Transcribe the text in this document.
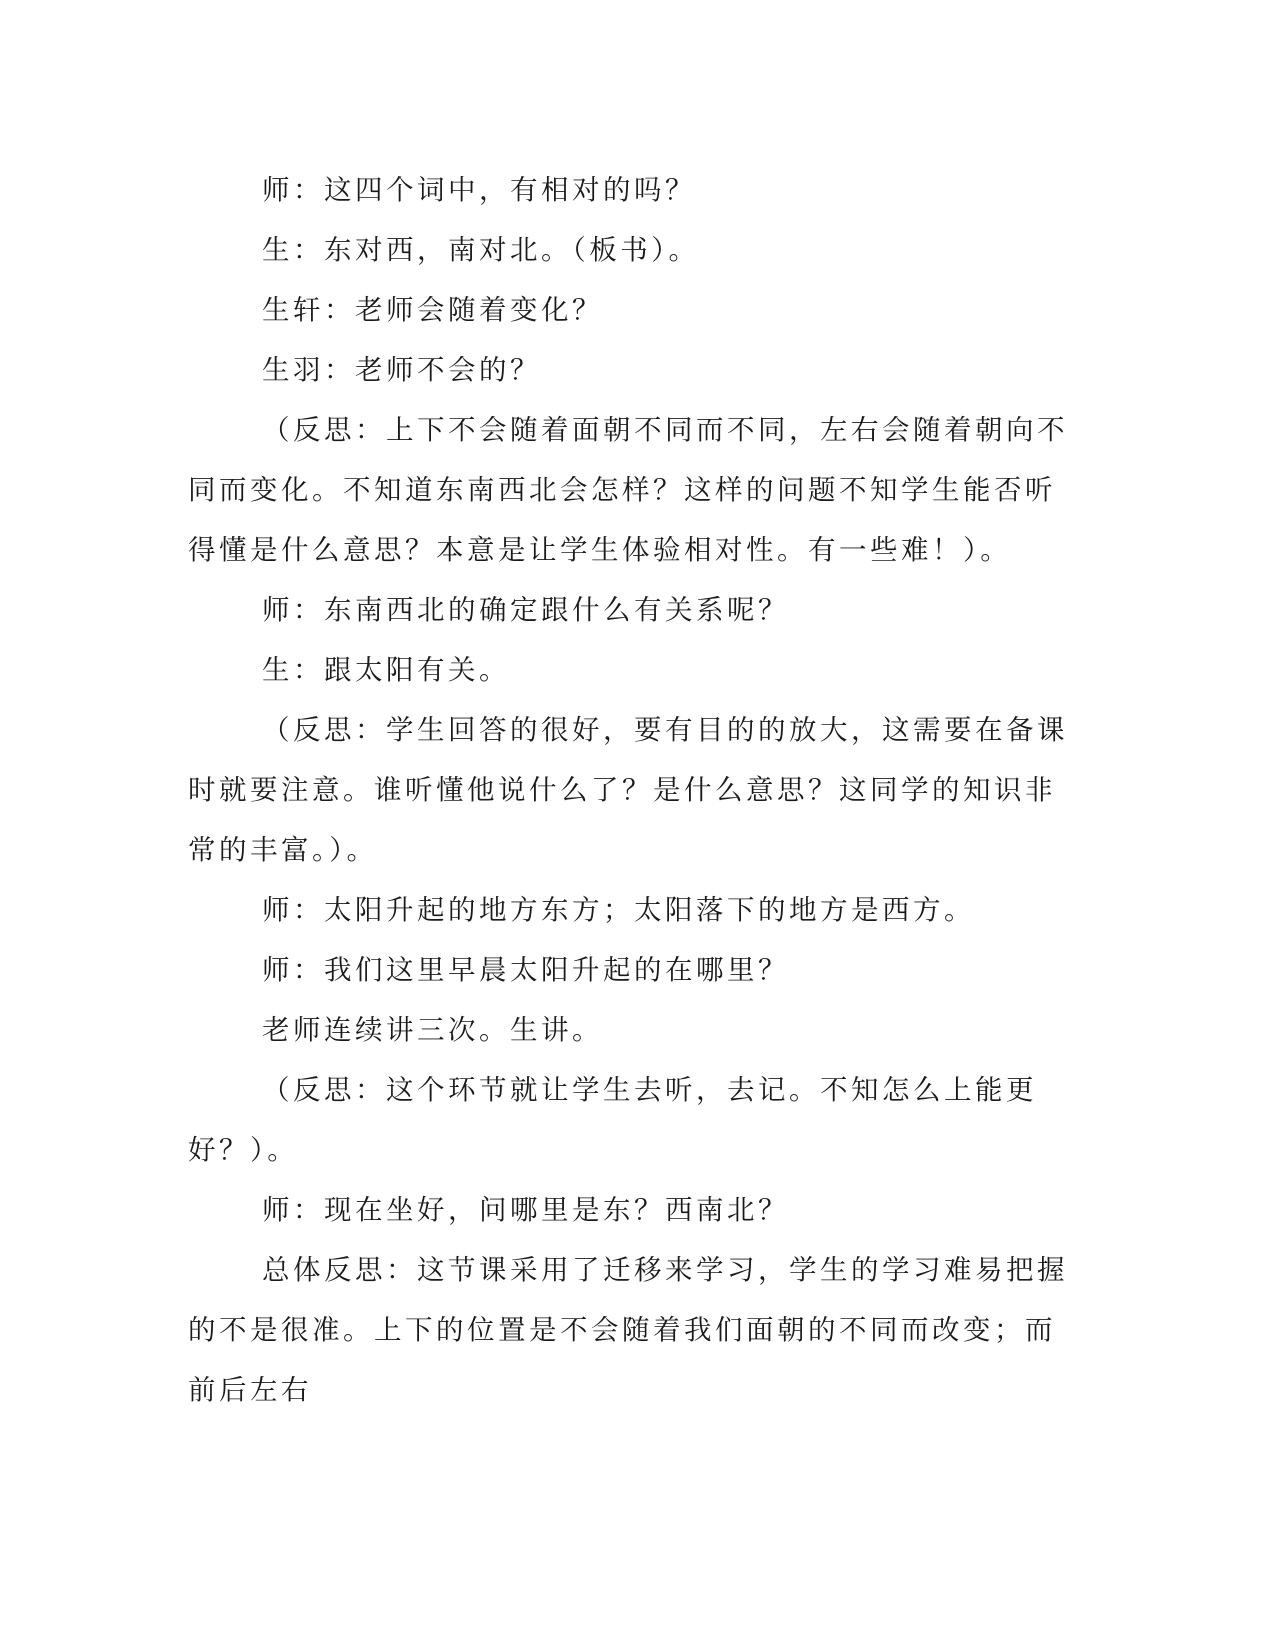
师：这四个词中，有相对的吗？

生：东对西，南对北。（板书）。

生轩：老师会随着变化？

生羽：老师不会的？

（反思：上下不会随着面朝不同而不同，左右会随着朝向不同而变化。不知道东南西北会怎样？这样的问题不知学生能否听得懂是什么意思？本意是让学生体验相对性。有一些难！）。

师：东南西北的确定跟什么有关系呢？

生：跟太阳有关。

（反思：学生回答的很好，要有目的的放大，这需要在备课时就要注意。谁听懂他说什么了？是什么意思？这同学的知识非常的丰富。）。

师：太阳升起的地方东方；太阳落下的地方是西方。

师：我们这里早晨太阳升起的在哪里？

老师连续讲三次。生讲。

（反思：这个环节就让学生去听，去记。不知怎么上能更好？）。

师：现在坐好，问哪里是东？西南北？

总体反思：这节课采用了迁移来学习，学生的学习难易把握的不是很准。上下的位置是不会随着我们面朝的不同而改变；而前后左右
